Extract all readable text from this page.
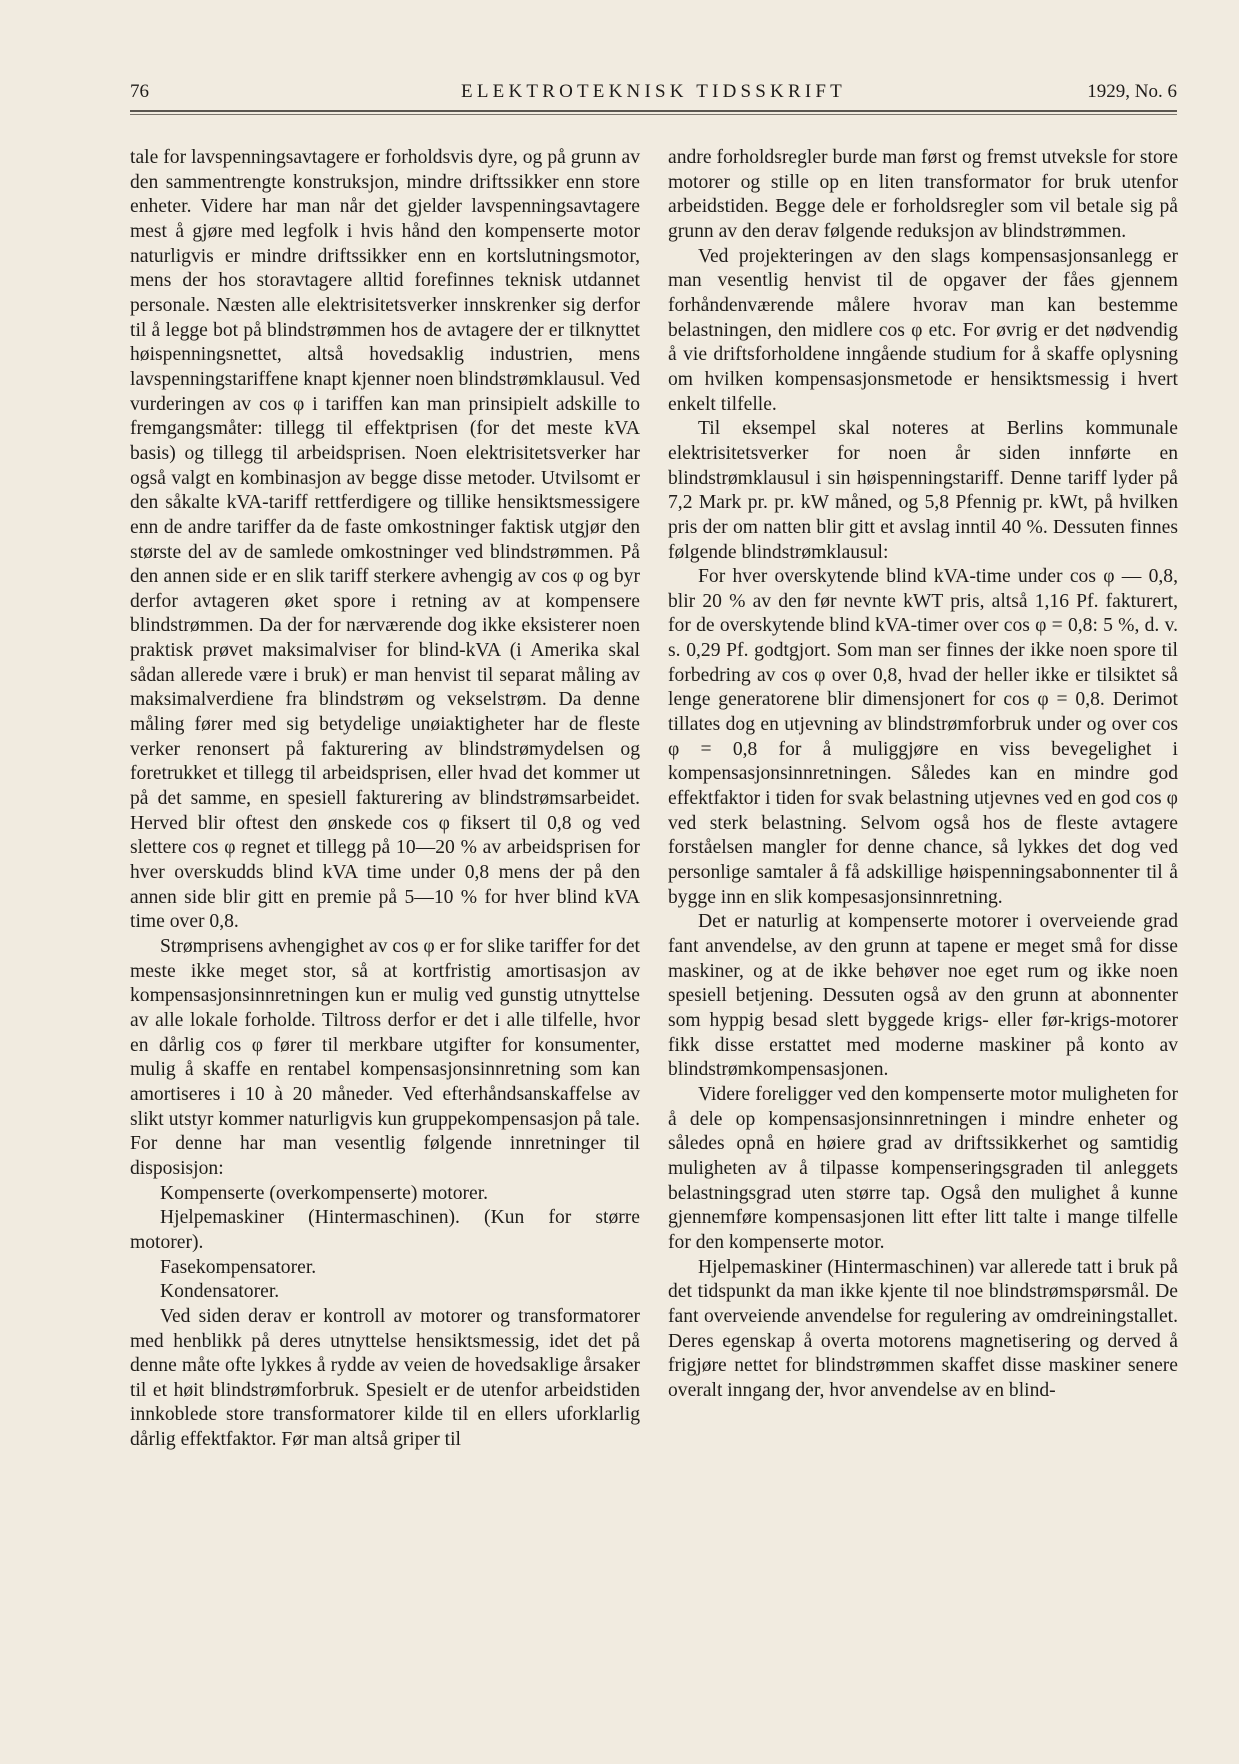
76	ELEKTROTEKNISK TIDSSKRIFT	1929, No. 6

tale for lavspenningsavtagere er forholdsvis dyre, og på grunn av den sammentrengte konstruksjon, mindre driftssikker enn store enheter. Videre har man når det gjelder lavspenningsavtagere mest å gjøre med legfolk i hvis hånd den kompenserte motor naturligvis er mindre driftssikker enn en kortslutningsmotor, mens der hos storavtagere alltid forefinnes teknisk utdannet personale. Næsten alle elektrisitetsverker innskrenker sig derfor til å legge bot på blindstrømmen hos de avtagere der er tilknyttet høispenningsnettet, altså hovedsaklig industrien, mens lavspenningstariffene knapt kjenner noen blindstrømklausul. Ved vurderingen av cos φ i tariffen kan man prinsipielt adskille to fremgangsmåter: tillegg til effektprisen (for det meste kVA basis) og tillegg til arbeidsprisen. Noen elektrisitetsverker har også valgt en kombinasjon av begge disse metoder. Utvilsomt er den såkalte kVA-tariff rettferdigere og tillike hensiktsmessigere enn de andre tariffer da de faste omkostninger faktisk utgjør den største del av de samlede omkostninger ved blindstrømmen. På den annen side er en slik tariff sterkere avhengig av cos φ og byr derfor avtageren øket spore i retning av at kompensere blindstrømmen. Da der for nærværende dog ikke eksisterer noen praktisk prøvet maksimalviser for blind-kVA (i Amerika skal sådan allerede være i bruk) er man henvist til separat måling av maksimalverdiene fra blindstrøm og vekselstrøm. Da denne måling fører med sig betydelige unøiaktigheter har de fleste verker renonsert på fakturering av blindstrømydelsen og foretrukket et tillegg til arbeidsprisen, eller hvad det kommer ut på det samme, en spesiell fakturering av blindstrømsarbeidet. Herved blir oftest den ønskede cos φ fiksert til 0,8 og ved slettere cos φ regnet et tillegg på 10—20 % av arbeidsprisen for hver overskudds blind kVA time under 0,8 mens der på den annen side blir gitt en premie på 5—10 % for hver blind kVA time over 0,8.

Strømprisens avhengighet av cos φ er for slike tariffer for det meste ikke meget stor, så at kortfristig amortisasjon av kompensasjonsinnretningen kun er mulig ved gunstig utnyttelse av alle lokale forholde. Tiltross derfor er det i alle tilfelle, hvor en dårlig cos φ fører til merkbare utgifter for konsumenter, mulig å skaffe en rentabel kompensasjonsinnretning som kan amortiseres i 10 à 20 måneder. Ved efterhåndsanskaffelse av slikt utstyr kommer naturligvis kun gruppekompensasjon på tale. For denne har man vesentlig følgende innretninger til disposisjon:

Kompenserte (overkompenserte) motorer.

Hjelpemaskiner (Hintermaschinen). (Kun for større motorer).

Fasekompensatorer.

Kondensatorer.

Ved siden derav er kontroll av motorer og transformatorer med henblikk på deres utnyttelse hensiktsmessig, idet det på denne måte ofte lykkes å rydde av veien de hovedsaklige årsaker til et høit blindstrømforbruk. Spesielt er de utenfor arbeidstiden innkoblede store transformatorer kilde til en ellers uforklarlig dårlig effektfaktor. Før man altså griper til

andre forholdsregler burde man først og fremst utveksle for store motorer og stille op en liten transformator for bruk utenfor arbeidstiden. Begge dele er forholdsregler som vil betale sig på grunn av den derav følgende reduksjon av blindstrømmen.

Ved projekteringen av den slags kompensasjonsanlegg er man vesentlig henvist til de opgaver der fåes gjennem forhåndenværende målere hvorav man kan bestemme belastningen, den midlere cos φ etc. For øvrig er det nødvendig å vie driftsforholdene inngående studium for å skaffe oplysning om hvilken kompensasjonsmetode er hensiktsmessig i hvert enkelt tilfelle.

Til eksempel skal noteres at Berlins kommunale elektrisitetsverker for noen år siden innførte en blindstrømklausul i sin høispenningstariff. Denne tariff lyder på 7,2 Mark pr. pr. kW måned, og 5,8 Pfennig pr. kWt, på hvilken pris der om natten blir gitt et avslag inntil 40 %. Dessuten finnes følgende blindstrømklausul:

For hver overskytende blind kVA-time under cos φ — 0,8, blir 20 % av den før nevnte kWT pris, altså 1,16 Pf. fakturert, for de overskytende blind kVA-timer over cos φ = 0,8: 5 %, d. v. s. 0,29 Pf. godtgjort. Som man ser finnes der ikke noen spore til forbedring av cos φ over 0,8, hvad der heller ikke er tilsiktet så lenge generatorene blir dimensjonert for cos φ = 0,8. Derimot tillates dog en utjevning av blindstrømforbruk under og over cos φ = 0,8 for å muliggjøre en viss bevegelighet i kompensasjonsinnretningen. Således kan en mindre god effektfaktor i tiden for svak belastning utjevnes ved en god cos φ ved sterk belastning. Selvom også hos de fleste avtagere forståelsen mangler for denne chance, så lykkes det dog ved personlige samtaler å få adskillige høispenningsabonnenter til å bygge inn en slik kompesasjonsinnretning.

Det er naturlig at kompenserte motorer i overveiende grad fant anvendelse, av den grunn at tapene er meget små for disse maskiner, og at de ikke behøver noe eget rum og ikke noen spesiell betjening. Dessuten også av den grunn at abonnenter som hyppig besad slett byggede krigs- eller før-krigs-motorer fikk disse erstattet med moderne maskiner på konto av blindstrømkompensasjonen.

Videre foreligger ved den kompenserte motor muligheten for å dele op kompensasjonsinnretningen i mindre enheter og således opnå en høiere grad av driftssikkerhet og samtidig muligheten av å tilpasse kompenseringsgraden til anleggets belastningsgrad uten større tap. Også den mulighet å kunne gjennemføre kompensasjonen litt efter litt talte i mange tilfelle for den kompenserte motor.

Hjelpemaskiner (Hintermaschinen) var allerede tatt i bruk på det tidspunkt da man ikke kjente til noe blindstrømspørsmål. De fant overveiende anvendelse for regulering av omdreiningstallet. Deres egenskap å overta motorens magnetisering og derved å frigjøre nettet for blindstrømmen skaffet disse maskiner senere overalt inngang der, hvor anvendelse av en blind-
